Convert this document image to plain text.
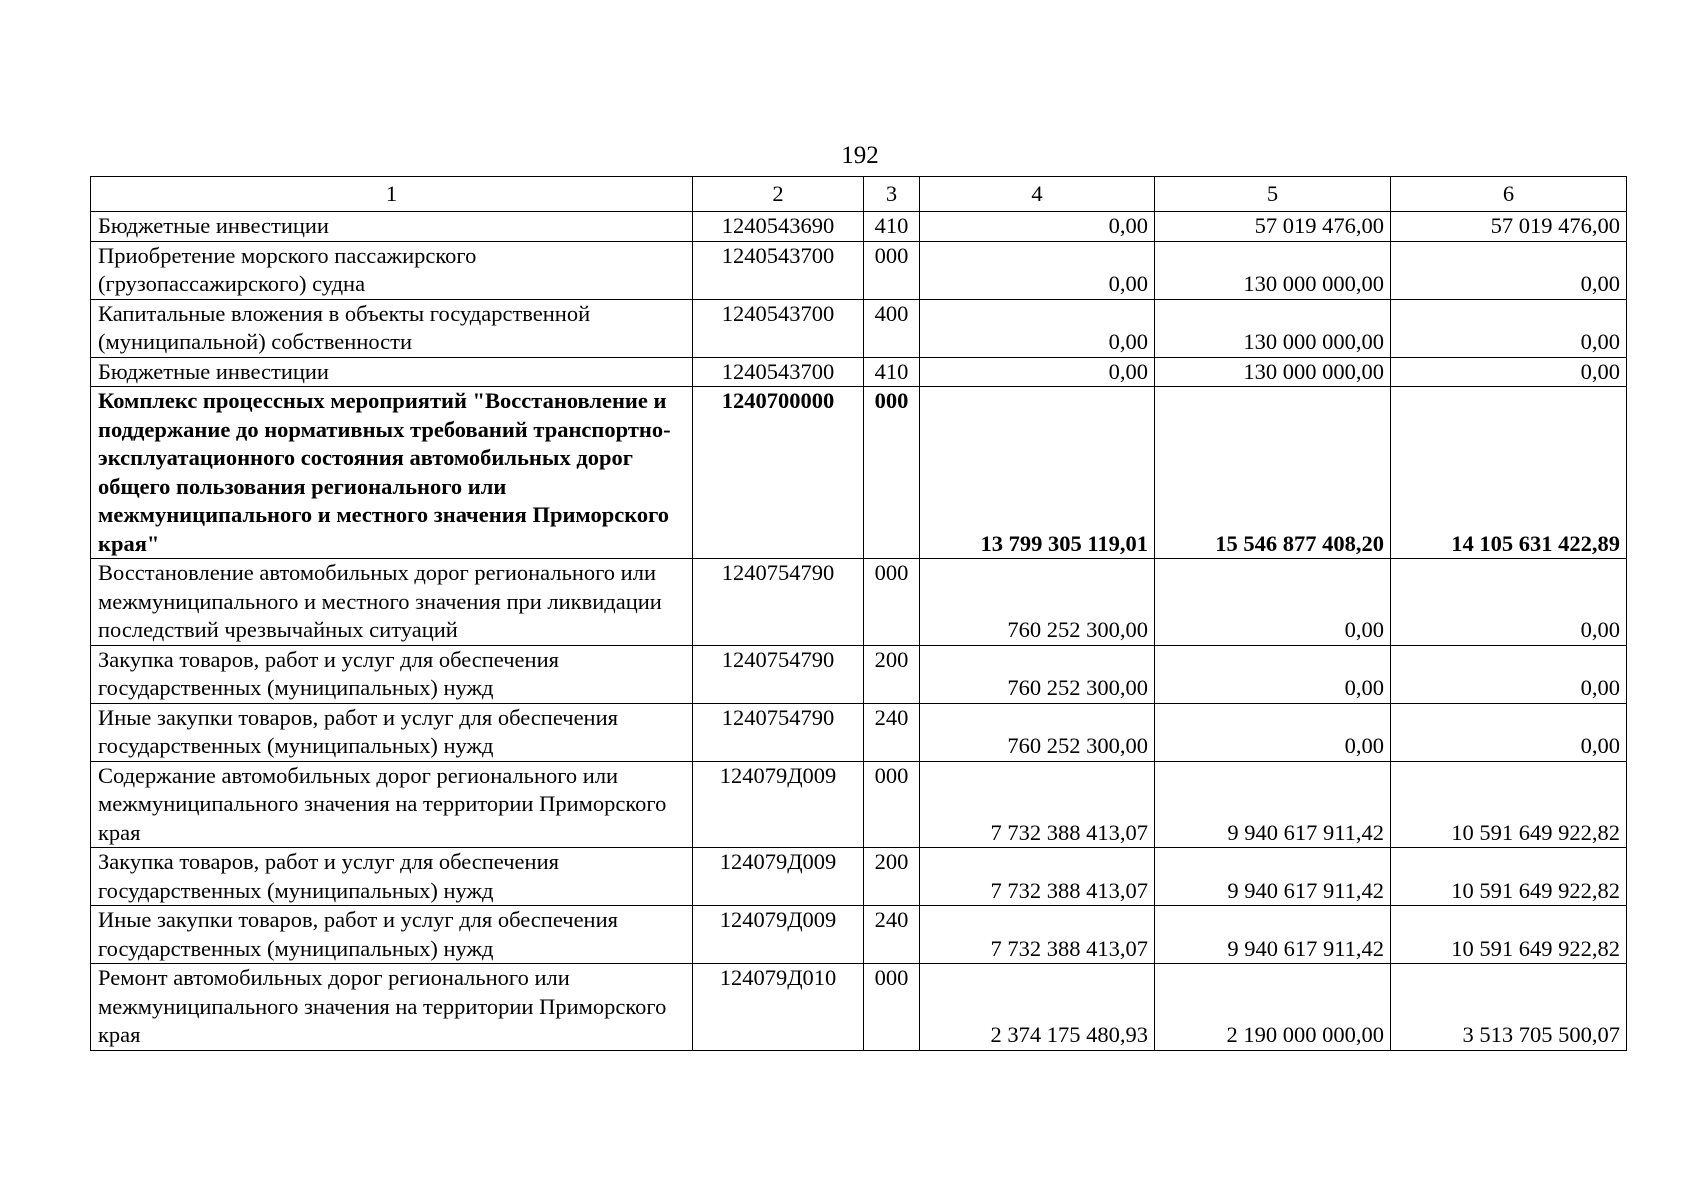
192
1	2	3	4	5	6
Бюджетные инвестиции	1240543690	410	0,00	57 019 476,00	57 019 476,00
Приобретение морского пассажирского (грузопассажирского) судна	1240543700	000	0,00	130 000 000,00	0,00
Капитальные вложения в объекты государственной (муниципальной) собственности	1240543700	400	0,00	130 000 000,00	0,00
Бюджетные инвестиции	1240543700	410	0,00	130 000 000,00	0,00
Комплекс процессных мероприятий "Восстановление и поддержание до нормативных требований транспортно-эксплуатационного состояния автомобильных дорог общего пользования регионального или межмуниципального и местного значения Приморского края"	1240700000	000	13 799 305 119,01	15 546 877 408,20	14 105 631 422,89
Восстановление автомобильных дорог регионального или межмуниципального и местного значения при ликвидации последствий чрезвычайных ситуаций	1240754790	000	760 252 300,00	0,00	0,00
Закупка товаров, работ и услуг для обеспечения государственных (муниципальных) нужд	1240754790	200	760 252 300,00	0,00	0,00
Иные закупки товаров, работ и услуг для обеспечения государственных (муниципальных) нужд	1240754790	240	760 252 300,00	0,00	0,00
Содержание автомобильных дорог регионального или межмуниципального значения на территории Приморского края	124079Д009	000	7 732 388 413,07	9 940 617 911,42	10 591 649 922,82
Закупка товаров, работ и услуг для обеспечения государственных (муниципальных) нужд	124079Д009	200	7 732 388 413,07	9 940 617 911,42	10 591 649 922,82
Иные закупки товаров, работ и услуг для обеспечения государственных (муниципальных) нужд	124079Д009	240	7 732 388 413,07	9 940 617 911,42	10 591 649 922,82
Ремонт автомобильных дорог регионального или межмуниципального значения на территории Приморского края	124079Д010	000	2 374 175 480,93	2 190 000 000,00	3 513 705 500,07
